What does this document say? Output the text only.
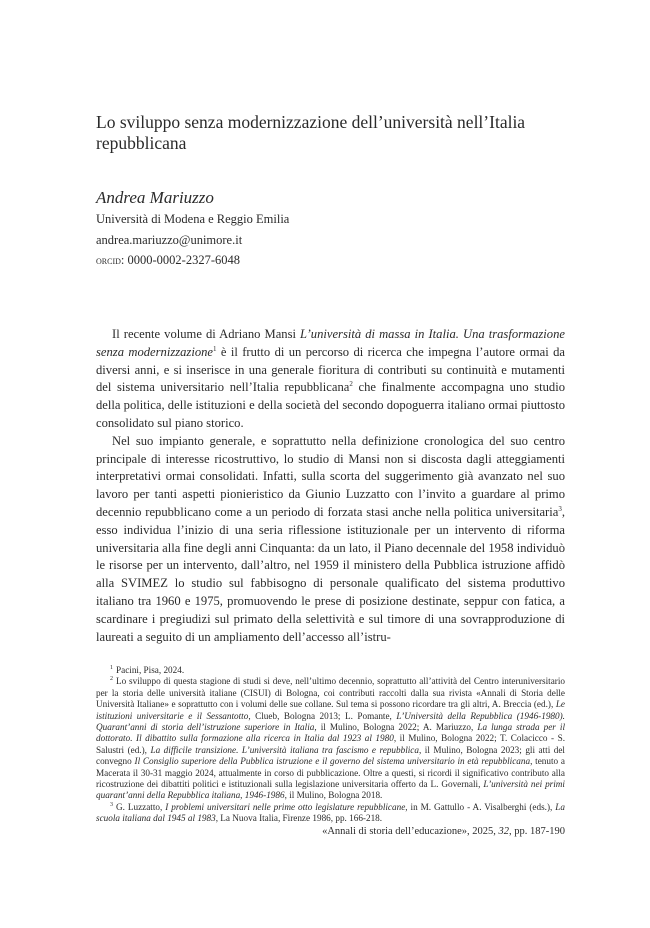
Lo sviluppo senza modernizzazione dell’università nell’Italia repubblicana

Andrea Mariuzzo

Università di Modena e Reggio Emilia

andrea.mariuzzo@unimore.it

orcid: 0000-0002-2327-6048

Il recente volume di Adriano Mansi L’università di massa in Italia. Una trasformazione senza modernizzazione$^1$ è il frutto di un percorso di ricerca che impegna l’autore ormai da diversi anni, e si inserisce in una generale fioritura di contributi su continuità e mutamenti del sistema universitario nell’Italia repubblicana$^2$ che finalmente accompagna uno studio della politica, delle istituzioni e della società del secondo dopoguerra italiano ormai piuttosto consolidato sul piano storico.

Nel suo impianto generale, e soprattutto nella definizione cronologica del suo centro principale di interesse ricostruttivo, lo studio di Mansi non si discosta dagli atteggiamenti interpretativi ormai consolidati. Infatti, sulla scorta del suggerimento già avanzato nel suo lavoro per tanti aspetti pionieristico da Giunio Luzzatto con l’invito a guardare al primo decennio repubblicano come a un periodo di forzata stasi anche nella politica universitaria$^3$, esso individua l’inizio di una seria riflessione istituzionale per un intervento di riforma universitaria alla fine degli anni Cinquanta: da un lato, il Piano decennale del 1958 individuò le risorse per un intervento, dall’altro, nel 1959 il ministero della Pubblica istruzione affidò alla SVIMEZ lo studio sul fabbisogno di personale qualificato del sistema produttivo italiano tra 1960 e 1975, promuovendo le prese di posizione destinate, seppur con fatica, a scardinare i pregiudizi sul primato della selettività e sul timore di una sovrapproduzione di laureati a seguito di un ampliamento dell’accesso all’istru-

$^1$ Pacini, Pisa, 2024.

$^2$ Lo sviluppo di questa stagione di studi si deve, nell’ultimo decennio, soprattutto all’attività del Centro interuniversitario per la storia delle università italiane (CISUI) di Bologna, coi contributi raccolti dalla sua rivista «Annali di Storia delle Università Italiane» e soprattutto con i volumi delle sue collane. Sul tema si possono ricordare tra gli altri, A. Breccia (ed.), Le istituzioni universitarie e il Sessantotto, Clueb, Bologna 2013; L. Pomante, L’Università della Repubblica (1946-1980). Quarant’anni di storia dell’istruzione superiore in Italia, il Mulino, Bologna 2022; A. Mariuzzo, La lunga strada per il dottorato. Il dibattito sulla formazione alla ricerca in Italia dal 1923 al 1980, il Mulino, Bologna 2022; T. Colacicco - S. Salustri (ed.), La difficile transizione. L’università italiana tra fascismo e repubblica, il Mulino, Bologna 2023; gli atti del convegno Il Consiglio superiore della Pubblica istruzione e il governo del sistema universitario in età repubblicana, tenuto a Macerata il 30-31 maggio 2024, attualmente in corso di pubblicazione. Oltre a questi, si ricordi il significativo contributo alla ricostruzione dei dibattiti politici e istituzionali sulla legislazione universitaria offerto da L. Governali, L’università nei primi quarant’anni della Repubblica italiana, 1946-1986, il Mulino, Bologna 2018.

$^3$ G. Luzzatto, I problemi universitari nelle prime otto legislature repubblicane, in M. Gattullo - A. Visalberghi (eds.), La scuola italiana dal 1945 al 1983, La Nuova Italia, Firenze 1986, pp. 166-218.

«Annali di storia dell’educazione», 2025, 32, pp. 187-190
